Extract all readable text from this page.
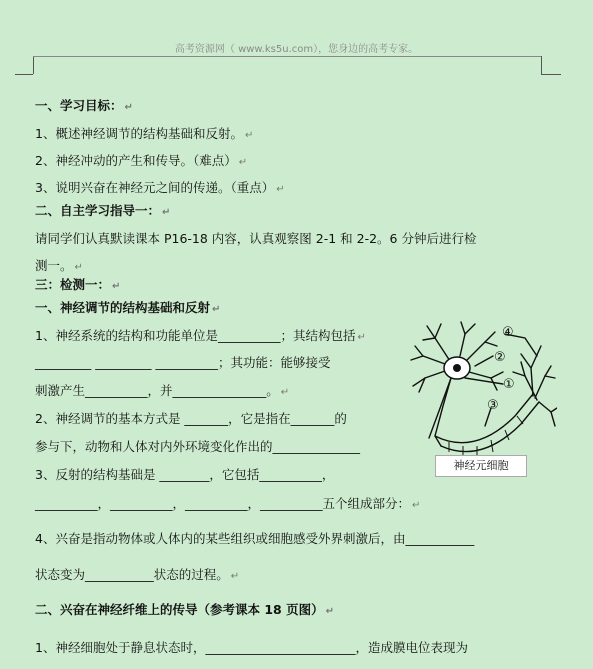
高考资源网（ www.ks5u.com），您身边的高考专家。
一、学习目标： ↵
1、概述神经调节的结构基础和反射。 ↵
2、神经冲动的产生和传导。（难点） ↵
3、说明兴奋在神经元之间的传递。（重点） ↵
二、自主学习指导一： ↵
请同学们认真默读课本 P16-18 内容，认真观察图 2-1 和 2-2。6 分钟后进行检
测一。 ↵
三：检测一： ↵
一、神经调节的结构基础和反射 ↵
1、神经系统的结构和功能单位是__________；其结构包括 ↵
_________ _________ __________；其功能：能够接受
刺激产生__________，并_______________。 ↵
2、神经调节的基本方式是 _______，它是指在_______的
参与下，动物和人体对内外环境变化作出的______________
3、反射的结构基础是 ________，它包括__________，
__________，__________，__________，__________五个组成部分： ↵
4、兴奋是指动物体或人体内的某些组织或细胞感受外界刺激后，由___________
状态变为___________状态的过程。 ↵
二、兴奋在神经纤维上的传导（参考课本 18 页图） ↵
1、神经细胞处于静息状态时，________________________，造成膜电位表现为
④
②
①
③
神经元细胞
